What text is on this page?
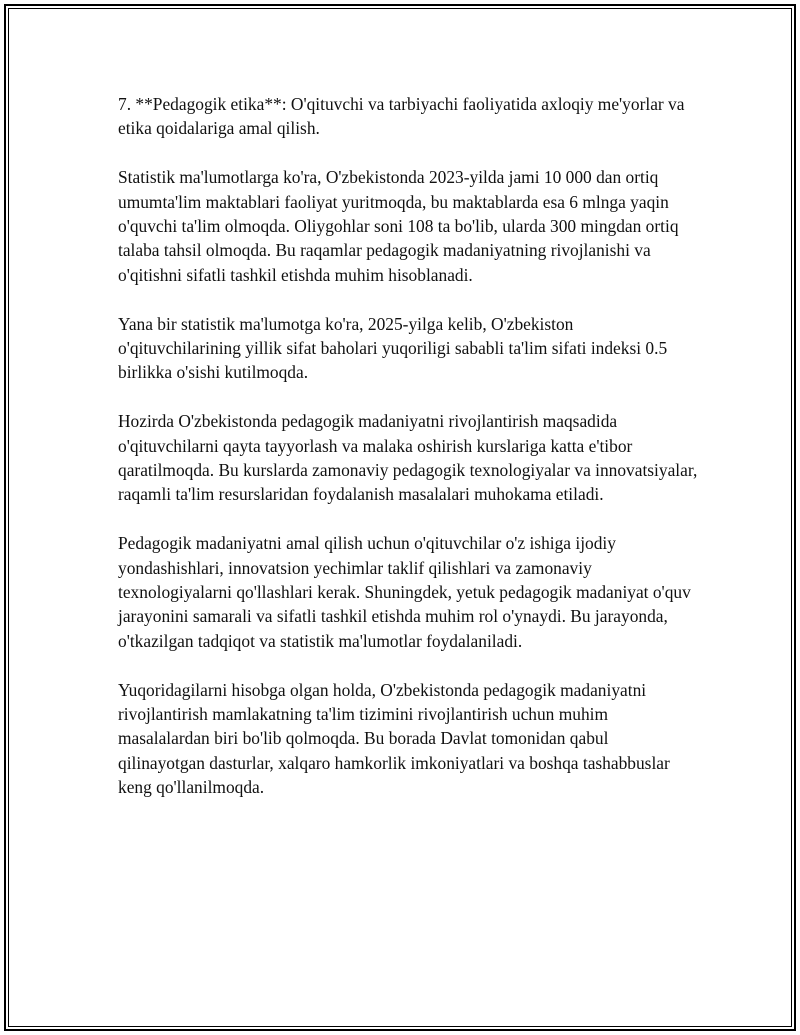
7. **Pedagogik etika**: O'qituvchi va tarbiyachi faoliyatida axloqiy me'yorlar va etika qoidalariga amal qilish.

Statistik ma'lumotlarga ko'ra, O'zbekistonda 2023-yilda jami 10 000 dan ortiq umumta'lim maktablari faoliyat yuritmoqda, bu maktablarda esa 6 mlnga yaqin o'quvchi ta'lim olmoqda. Oliygohlar soni 108 ta bo'lib, ularda 300 mingdan ortiq talaba tahsil olmoqda. Bu raqamlar pedagogik madaniyatning rivojlanishi va o'qitishni sifatli tashkil etishda muhim hisoblanadi.

Yana bir statistik ma'lumotga ko'ra, 2025-yilga kelib, O'zbekiston o'qituvchilarining yillik sifat baholari yuqoriligi sababli ta'lim sifati indeksi 0.5 birlikka o'sishi kutilmoqda.

Hozirda O'zbekistonda pedagogik madaniyatni rivojlantirish maqsadida o'qituvchilarni qayta tayyorlash va malaka oshirish kurslariga katta e'tibor qaratilmoqda. Bu kurslarda zamonaviy pedagogik texnologiyalar va innovatsiyalar, raqamli ta'lim resurslaridan foydalanish masalalari muhokama etiladi.

Pedagogik madaniyatni amal qilish uchun o'qituvchilar o'z ishiga ijodiy yondashishlari, innovatsion yechimlar taklif qilishlari va zamonaviy texnologiyalarni qo'llashlari kerak. Shuningdek, yetuk pedagogik madaniyat o'quv jarayonini samarali va sifatli tashkil etishda muhim rol o'ynaydi. Bu jarayonda, o'tkazilgan tadqiqot va statistik ma'lumotlar foydalaniladi.

Yuqoridagilarni hisobga olgan holda, O'zbekistonda pedagogik madaniyatni rivojlantirish mamlakatning ta'lim tizimini rivojlantirish uchun muhim masalalardan biri bo'lib qolmoqda. Bu borada Davlat tomonidan qabul qilinayotgan dasturlar, xalqaro hamkorlik imkoniyatlari va boshqa tashabbuslar keng qo'llanilmoqda.
